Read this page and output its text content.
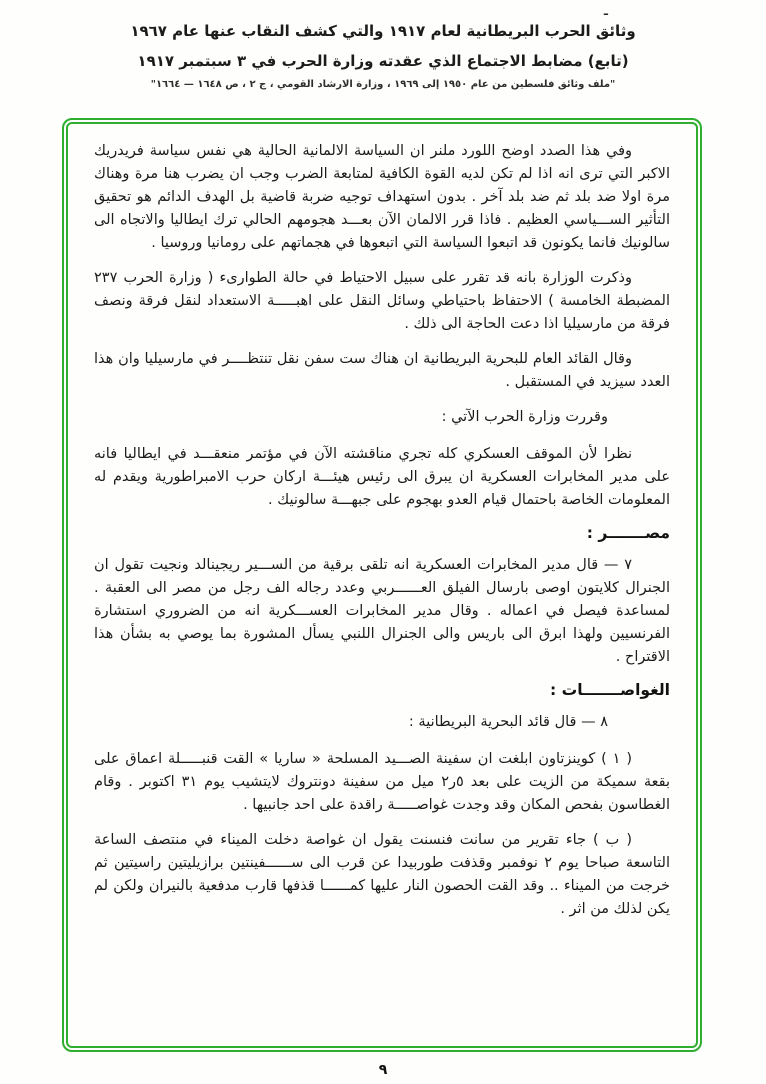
ـ
وثائق الحرب البريطانية لعام ١٩١٧ والتي كشف النقاب عنها عام ١٩٦٧
(تابع) مضابط الاجتماع الذي عقدته وزارة الحرب في ٣ سبتمبر ١٩١٧

"ملف وثائق فلسطين من عام ١٩٥٠ إلى ١٩٦٩ ، وزارة الارشاد القومي ، ج ٢ ، ص ١٦٤٨ — ١٦٦٤"

وفي هذا الصدد اوضح اللورد ملنر ان السياسة الالمانية الحالية هي نفس سياسة فريدريك الاكبر التي ترى انه اذا لم تكن لديه القوة الكافية لمتابعة الضرب وجب ان يضرب هنا مرة وهناك مرة اولا ضد بلد ثم ضد بلد آخر . بدون استهداف توجيه ضربة قاضية بل الهدف الدائم هو تحقيق التأثير الســـياسي العظيم . فاذا قرر الالمان الآن بعـــد هجومهم الحالي ترك ايطاليا والاتجاه الى سالونيك فانما يكونون قد اتبعوا السياسة التي اتبعوها في هجماتهم على رومانيا وروسيا .

وذكرت الوزارة بانه قد تقرر على سبيل الاحتياط في حالة الطوارىء ( وزارة الحرب ٢٣٧ المضبطة الخامسة ) الاحتفاظ باحتياطي وسائل النقل على اهبـــــة الاستعداد لنقل فرقة ونصف فرقة من مارسيليا اذا دعت الحاجة الى ذلك .

وقال القائد العام للبحرية البريطانية ان هناك ست سفن نقل تنتظــــر في مارسيليا وان هذا العدد سيزيد في المستقبل .

وقررت وزارة الحرب الآتي :

نظرا لأن الموقف العسكري كله تجري مناقشته الآن في مؤتمر منعقـــد في ايطاليا فانه على مدير المخابرات العسكرية ان يبرق الى رئيس هيئـــة اركان حرب الامبراطورية ويقدم له المعلومات الخاصة باحتمال قيام العدو بهجوم على جبهـــة سالونيك .

مصـــــــر :

٧ — قال مدير المخابرات العسكرية انه تلقى برقية من الســـير ريجينالد ونجيت تقول ان الجنرال كلايتون اوصى بارسال الفيلق العــــــربي وعدد رجاله الف رجل من مصر الى العقبة . لمساعدة فيصل في اعماله . وقال مدير المخابرات العســـكرية انه من الضروري استشارة الفرنسيين ولهذا ابرق الى باريس والى الجنرال اللنبي يسأل المشورة بما يوصي به بشأن هذا الاقتراح .

الغواصـــــــات :

٨ — قال قائد البحرية البريطانية :

( ١ ) كوينزتاون ابلغت ان سفينة الصـــيد المسلحة « ساريا » القت قنبـــــلة اعماق على بقعة سميكة من الزيت على بعد ٥ر٢ ميل من سفينة دونتروك لايتشيب يوم ٣١ اكتوبر . وقام الغطاسون بفحص المكان وقد وجدت غواصـــــة راقدة على احد جانبيها .

( ب ) جاء تقرير من سانت فنسنت يقول ان غواصة دخلت الميناء في منتصف الساعة التاسعة صباحا يوم ٢ نوفمبر وقذفت طوربيدا عن قرب الى ســــــفينتين برازيليتين راسيتين ثم خرجت من الميناء .. وقد القت الحصون النار عليها كمــــــا قذفها قارب مدفعية بالنيران ولكن لم يكن لذلك من اثر .

٩
